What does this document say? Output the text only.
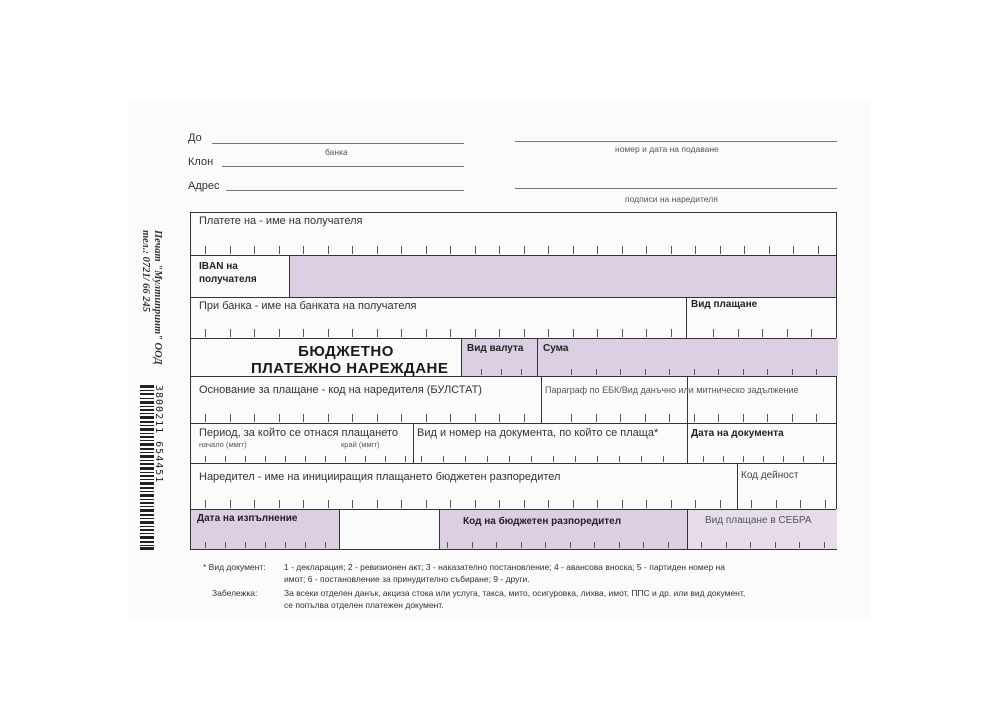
До
банка
Клон
Адрес
номер и дата на подаване
подписи на наредителя
Печат "Мултипринт" ООД
тел.: 0721/ 66 245
3800211 654451
Платете на - име на получателя
IBAN на
получателя
При банка - име на банката на получателя	Вид плащане
БЮДЖЕТНО
ПЛАТЕЖНО НАРЕЖДАНЕ
Вид валута Сума
Основание за плащане - код на наредителя (БУЛСТАТ)	Параграф по ЕБК/Вид данъчно или митническо задължение
Период, за който се отнася плащането
начало (ммгг)	край (ммгг)
Вид и номер на документа, по който се плаща*	Дата на документа
Наредител - име на иницииращия плащането бюджетен разпоредител	Код дейност
Дата на изпълнение	Код на бюджетен разпоредител	Вид плащане в СЕБРА
* Вид документ: 1 - декларация; 2 - ревизионен акт; 3 - наказателно постановление; 4 - авансова вноска; 5 - партиден номер на
имот; 6 - постановление за принудително събиране; 9 - други.
Забележка:	За всеки отделен данък, акциза стока или услуга, такса, мито, осигуровка, лихва, имот, ППС и др. или вид документ,
се попълва отделен платежен документ.
